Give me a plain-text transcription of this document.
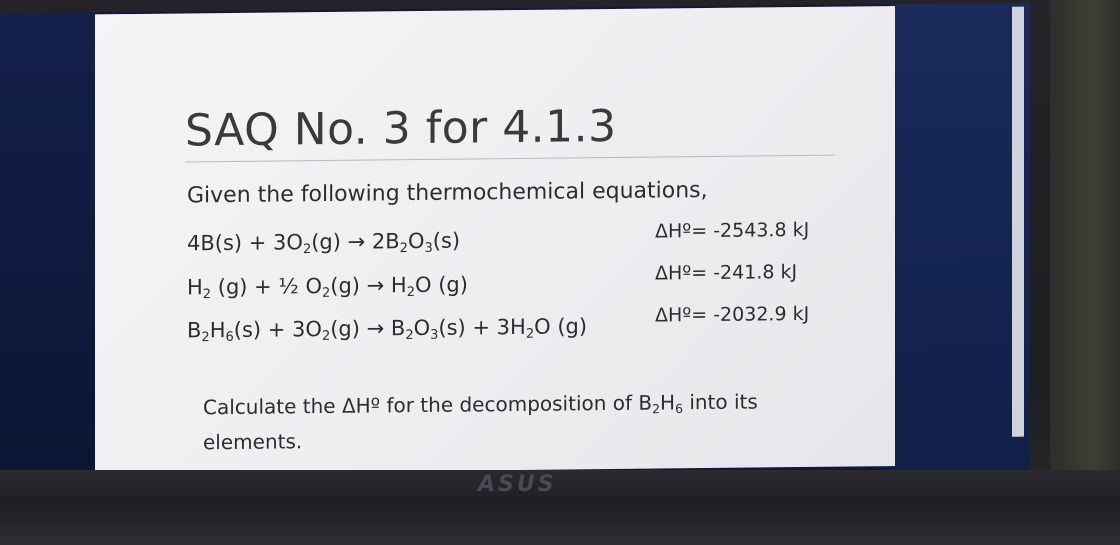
SAQ No. 3 for 4.1.3
Given the following thermochemical equations,
$4B(s) + 3O_2(g) \to 2B_2O_3(s)$	ΔHº= -2543.8 kJ
$H_2$ (g) + ½ $O_2(g) \to H_2O$ (g)	ΔHº= -241.8 kJ
$B_2H_6(s) + 3O_2(g) \to B_2O_3(s) + 3H_2O$ (g)	ΔHº= -2032.9 kJ
Calculate the ΔHº for the decomposition of $B_2H_6$ into its elements.
ASUS
